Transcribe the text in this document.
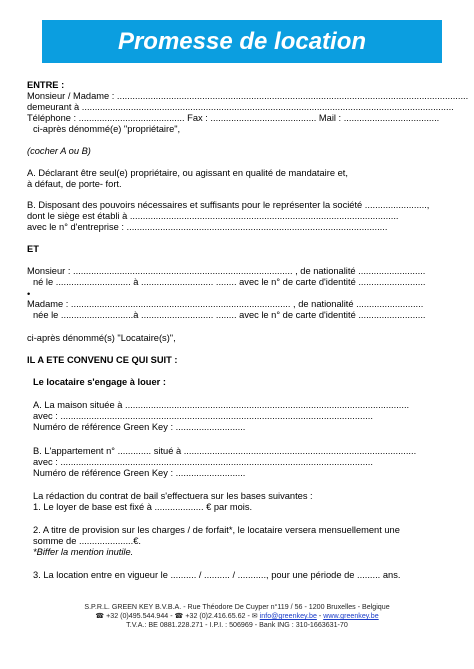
Promesse de location
ENTRE :
Monsieur / Madame : ........................................................................................................................................
demeurant à ................................................................................................................................................
Téléphone : ......................................... Fax : ......................................... Mail : .....................................
ci-après dénommé(e) "propriétaire",
(cocher A ou B)
A. Déclarant être seul(e) propriétaire, ou agissant en qualité de mandataire et,
à défaut, de porte- fort.
B. Disposant des pouvoirs nécessaires et suffisants pour le représenter la société ........................,
dont le siège est établi à ........................................................................................................
avec le n° d'entreprise : .....................................................................................................
ET
Monsieur : ..................................................................................... , de nationalité ..........................
né le ............................. à ............................ ........ avec le n° de carte d'identité ..........................
•
Madame : ..................................................................................... , de nationalité ..........................
née le ............................à ............................ ........ avec le n° de carte d'identité ..........................
ci-après dénommé(s) "Locataire(s)",
IL A ETE CONVENU CE QUI SUIT :
Le locataire s'engage à louer :
A. La maison située à ..............................................................................................................
avec : .........................................................................................................................
Numéro de référence Green Key : ...........................
B. L'appartement n° ............. situé à ..........................................................................................
avec : .........................................................................................................................
Numéro de référence Green Key : ...........................
La rédaction du contrat de bail s'effectuera sur les bases suivantes :
1. Le loyer de base est fixé à ................... € par mois.
2. A titre de provision sur les charges / de forfait*, le locataire versera mensuellement une
somme de .....................€.
*Biffer la mention inutile.
3. La location entre en vigueur le .......... / .......... / ..........., pour une période de ......... ans.
S.P.R.L. GREEN KEY B.V.B.A. - Rue Théodore De Cuyper n°119 / 56 - 1200 Bruxelles - Belgique
☎ +32 (0)495.544.944 - ☎ +32 (0)2.416.65.62 - ✉ info@greenkey.be - www.greenkey.be
T.V.A.: BE 0881.228.271 - I.P.I. : 506969 - Bank ING : 310-1663631-70
